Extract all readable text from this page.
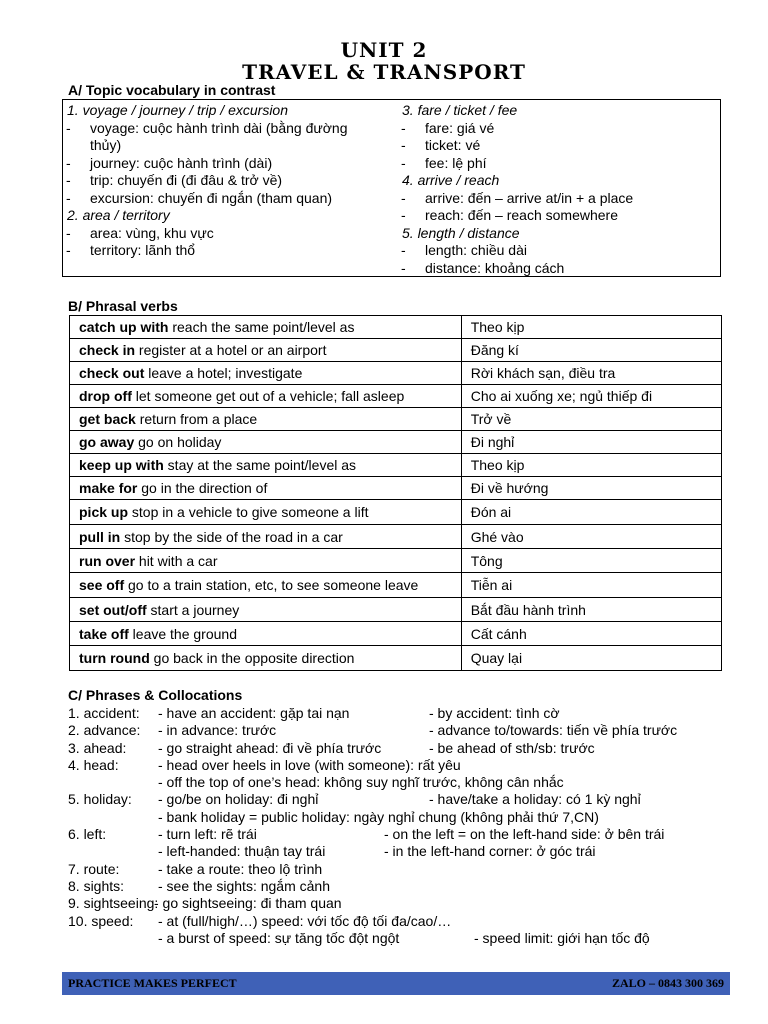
UNIT 2
TRAVEL & TRANSPORT
A/ Topic vocabulary in contrast
1. voyage / journey / trip / excursion
- voyage: cuộc hành trình dài (bằng đường
thủy)
- journey: cuộc hành trình (dài)
- trip: chuyến đi (đi đâu & trở về)
- excursion: chuyến đi ngắn (tham quan)
2. area / territory
- area: vùng, khu vực
- territory: lãnh thổ
3. fare / ticket / fee
- fare: giá vé
- ticket: vé
- fee: lệ phí
4. arrive / reach
- arrive: đến – arrive at/in + a place
- reach: đến – reach somewhere
5. length / distance
- length: chiều dài
- distance: khoảng cách
B/ Phrasal verbs
catch up with reach the same point/level as	Theo kịp
check in register at a hotel or an airport	Đăng kí
check out leave a hotel; investigate	Rời khách sạn, điều tra
drop off let someone get out of a vehicle; fall asleep	Cho ai xuống xe; ngủ thiếp đi
get back return from a place	Trở về
go away go on holiday	Đi nghỉ
keep up with stay at the same point/level as	Theo kịp
make for go in the direction of	Đi về hướng
pick up stop in a vehicle to give someone a lift	Đón ai
pull in stop by the side of the road in a car	Ghé vào
run over hit with a car	Tông
see off go to a train station, etc, to see someone leave	Tiễn ai
set out/off start a journey	Bắt đầu hành trình
take off leave the ground	Cất cánh
turn round go back in the opposite direction	Quay lại
C/ Phrases & Collocations
1. accident: - have an accident: gặp tai nạn	- by accident: tình cờ
2. advance: - in advance: trước	- advance to/towards: tiến về phía trước
3. ahead: - go straight ahead: đi về phía trước	- be ahead of sth/sb: trước
4. head:	- head over heels in love (with someone): rất yêu
- off the top of one’s head: không suy nghĩ trước, không cân nhắc
5. holiday: - go/be on holiday: đi nghỉ	- have/take a holiday: có 1 kỳ nghỉ
- bank holiday = public holiday: ngày nghỉ chung (không phải thứ 7,CN)
6. left:	- turn left: rẽ trái	- on the left = on the left-hand side: ở bên trái
- left-handed: thuận tay trái	- in the left-hand corner: ở góc trái
7. route:	- take a route: theo lộ trình
8. sights: - see the sights: ngắm cảnh
9. sightseeing:
- go sightseeing: đi tham quan
10. speed: - at (full/high/…) speed: với tốc độ tối đa/cao/…
- a burst of speed: sự tăng tốc đột ngột	- speed limit: giới hạn tốc độ
PRACTICE MAKES PERFECT	ZALO – 0843 300 369
